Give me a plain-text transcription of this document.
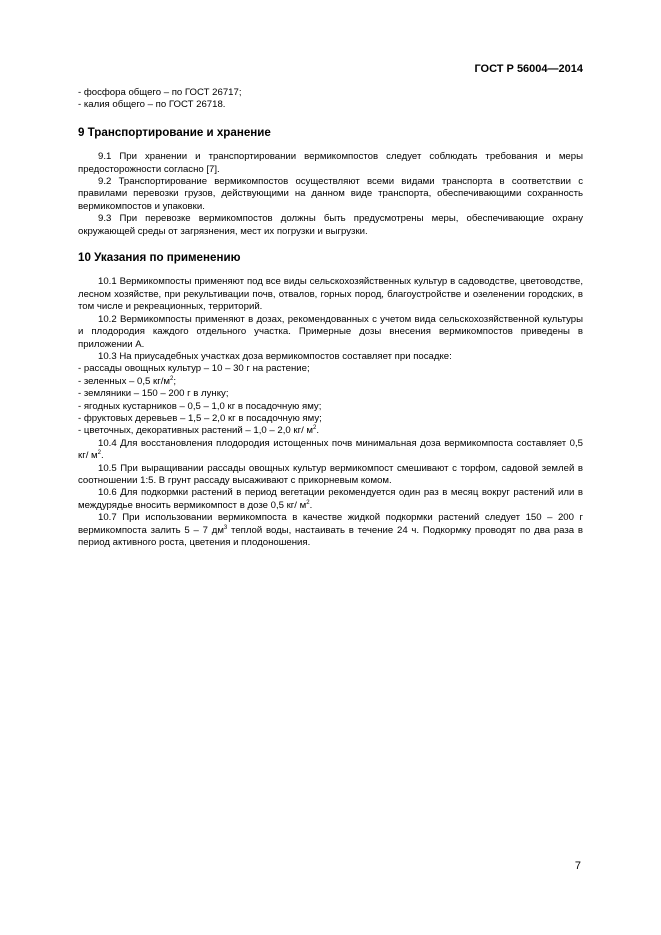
ГОСТ Р 56004—2014

- фосфора общего – по ГОСТ 26717;

- калия общего – по ГОСТ 26718.

9 Транспортирование и хранение

9.1 При хранении и транспортировании вермикомпостов следует соблюдать требования и меры предосторожности согласно [7].

9.2 Транспортирование вермикомпостов осуществляют всеми видами транспорта в соответствии с правилами перевозки грузов, действующими на данном виде транспорта, обеспечивающими сохранность вермикомпостов и упаковки.

9.3 При перевозке вермикомпостов должны быть предусмотрены меры, обеспечивающие охрану окружающей среды от загрязнения, мест их погрузки и выгрузки.

10 Указания по применению

10.1 Вермикомпосты применяют под все виды сельскохозяйственных культур в садоводстве, цветоводстве, лесном хозяйстве, при рекультивации почв, отвалов, горных пород, благоустройстве и озеленении городских, в том числе и рекреационных, территорий.

10.2 Вермикомпосты применяют в дозах, рекомендованных с учетом вида сельскохозяйственной культуры и плодородия каждого отдельного участка. Примерные дозы внесения вермикомпостов приведены в приложении А.

10.3 На приусадебных участках доза вермикомпостов составляет при посадке:

- рассады овощных культур – 10 – 30 г на растение;

- зеленных – 0,5 $кг/м^2$;

- земляники – 150 – 200 г в лунку;

- ягодных кустарников – 0,5 – 1,0 кг в посадочную яму;

- фруктовых деревьев – 1,5 – 2,0 кг в посадочную яму;

- цветочных, декоративных растений – 1,0 – 2,0 кг/ $м^2$.

10.4 Для восстановления плодородия истощенных почв минимальная доза вермикомпоста составляет 0,5 кг/ $м^2$.

10.5 При выращивании рассады овощных культур вермикомпост смешивают с торфом, садовой землей в соотношении 1:5. В грунт рассаду высаживают с прикорневым комом.

10.6 Для подкормки растений в период вегетации рекомендуется один раз в месяц вокруг растений или в междурядье вносить вермикомпост в дозе 0,5 кг/ $м^2$.

10.7 При использовании вермикомпоста в качестве жидкой подкормки растений следует 150 – 200 г вермикомпоста залить 5 – 7 $дм^3$ теплой воды, настаивать в течение 24 ч. Подкормку проводят по два раза в период активного роста, цветения и плодоношения.

7
